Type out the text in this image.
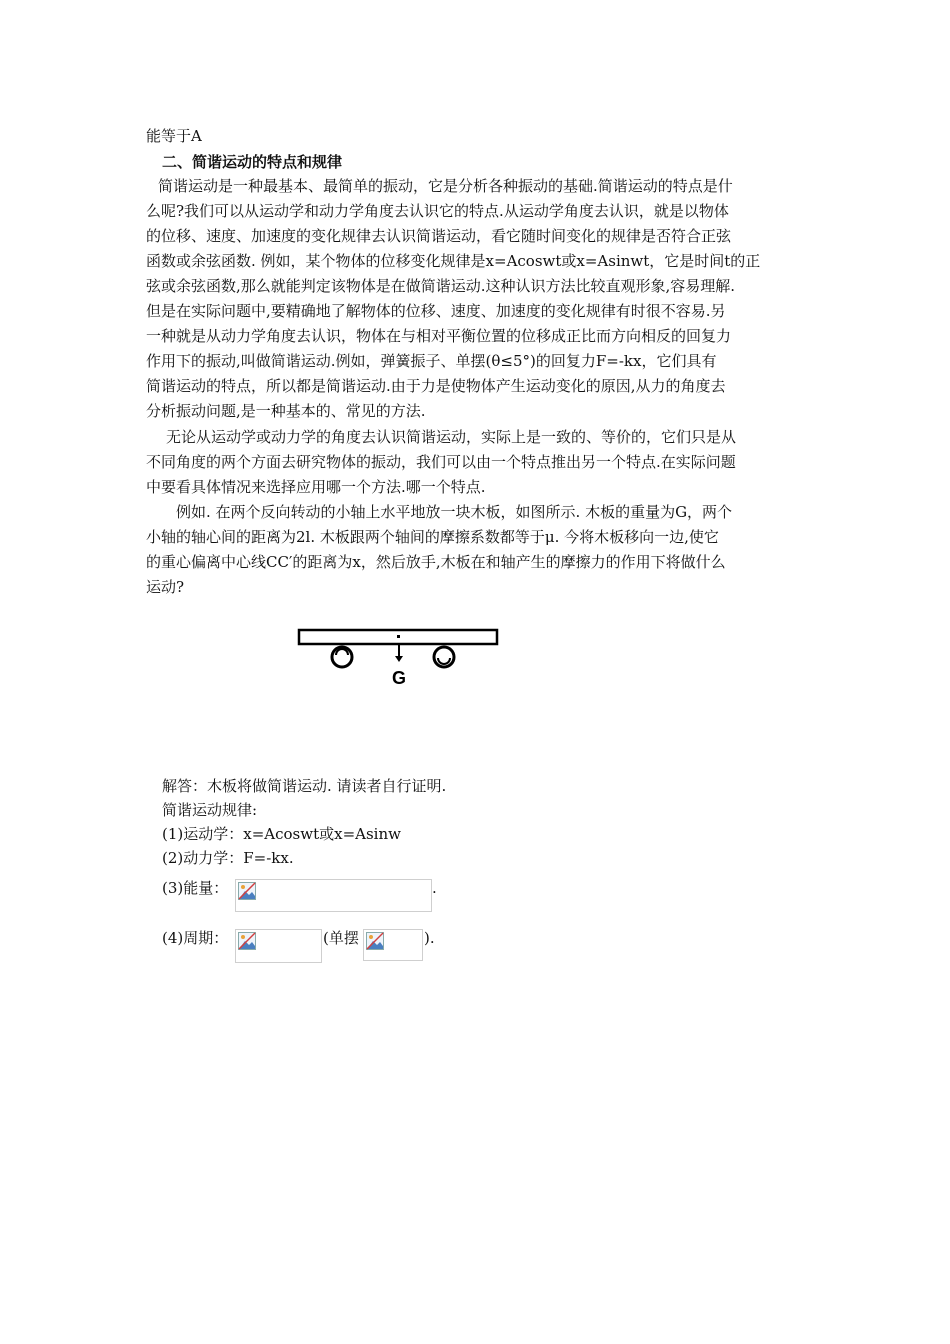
能等于A
二、简谐运动的特点和规律
简谐运动是一种最基本、最简单的振动，它是分析各种振动的基础.简谐运动的特点是什
么呢?我们可以从运动学和动力学角度去认识它的特点.从运动学角度去认识，就是以物体
的位移、速度、加速度的变化规律去认识简谐运动，看它随时间变化的规律是否符合正弦
函数或余弦函数. 例如，某个物体的位移变化规律是x=Acoswt或x=Asinwt，它是时间t的正
弦或余弦函数,那么就能判定该物体是在做简谐运动.这种认识方法比较直观形象,容易理解.
但是在实际问题中,要精确地了解物体的位移、速度、加速度的变化规律有时很不容易.另
一种就是从动力学角度去认识，物体在与相对平衡位置的位移成正比而方向相反的回复力
作用下的振动,叫做简谐运动.例如，弹簧振子、单摆(θ≤5°)的回复力F=-kx，它们具有
简谐运动的特点，所以都是简谐运动.由于力是使物体产生运动变化的原因,从力的角度去
分析振动问题,是一种基本的、常见的方法.
无论从运动学或动力学的角度去认识简谐运动，实际上是一致的、等价的，它们只是从
不同角度的两个方面去研究物体的振动，我们可以由一个特点推出另一个特点.在实际问题
中要看具体情况来选择应用哪一个方法.哪一个特点.
例如. 在两个反向转动的小轴上水平地放一块木板，如图所示. 木板的重量为G，两个
小轴的轴心间的距离为2l. 木板跟两个轴间的摩擦系数都等于μ. 今将木板移向一边,使它
的重心偏离中心线CC′的距离为x，然后放手,木板在和轴产生的摩擦力的作用下将做什么
运动?
G
解答：木板将做简谐运动. 请读者自行证明.
简谐运动规律:
(1)运动学：x=Acoswt或x=Asinw
(2)动力学：F=-kx.
(3)能量：	.
(4)周期：	(单摆	).
